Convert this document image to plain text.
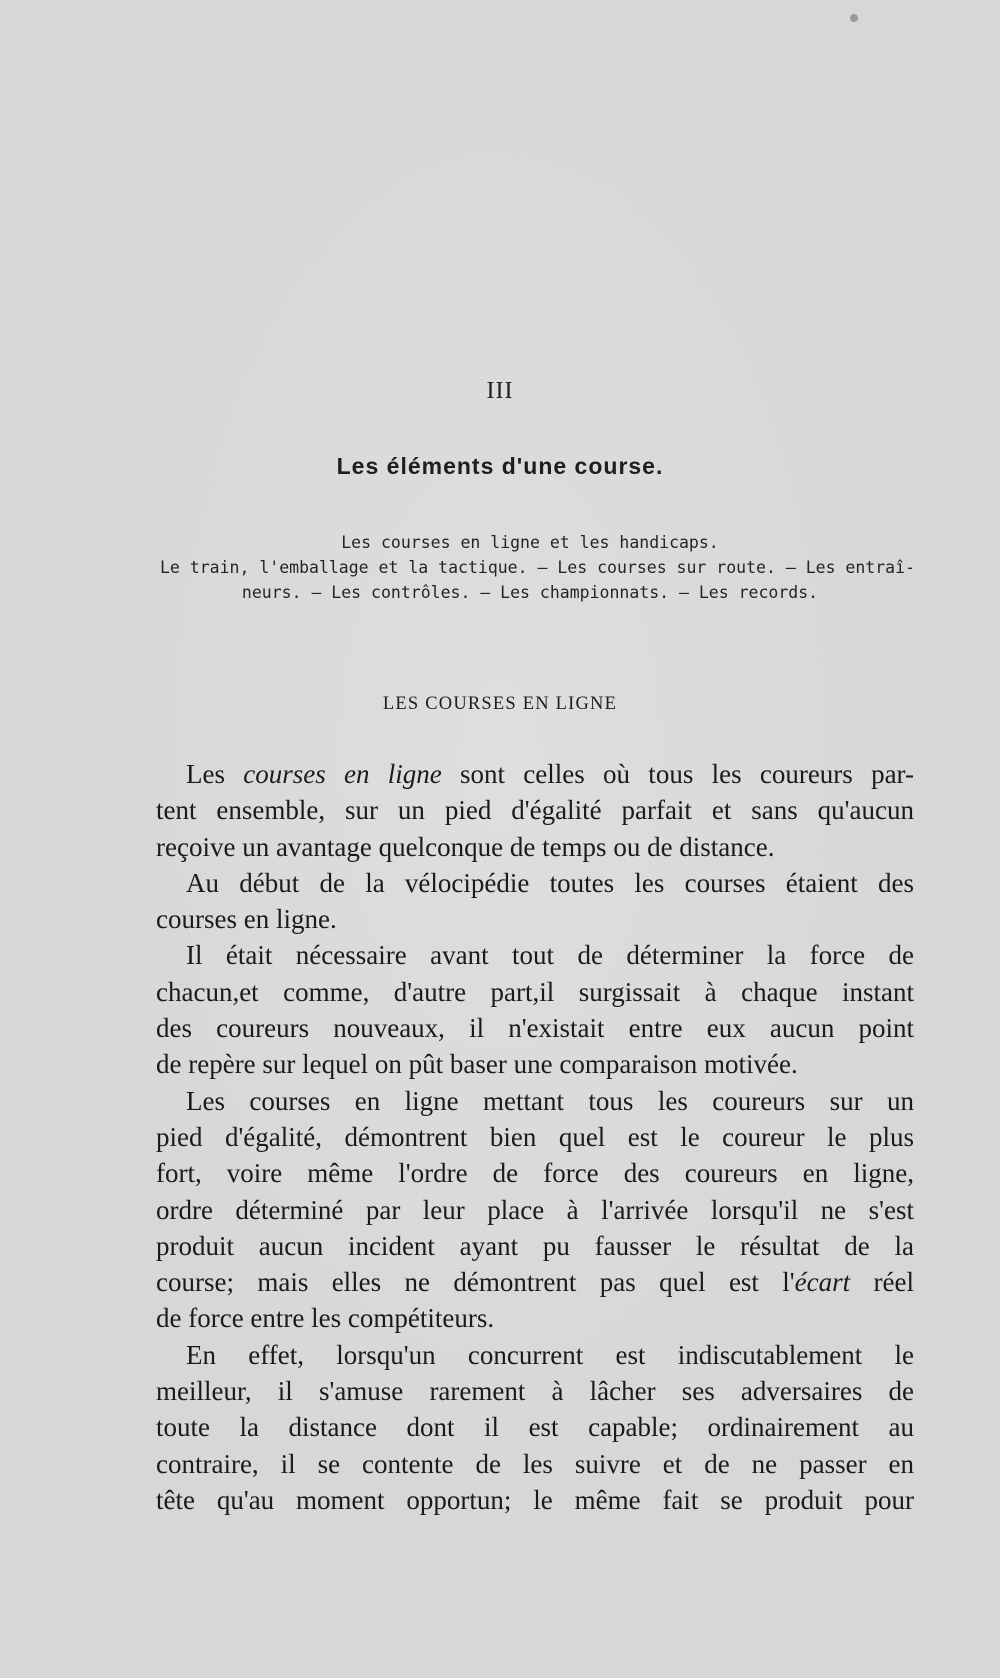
III
Les éléments d'une course.
Les courses en ligne et les handicaps.
Le train, l'emballage et la tactique. — Les courses sur route. — Les entraî-
neurs. — Les contrôles. — Les championnats. — Les records.
LES COURSES EN LIGNE
Les courses en ligne sont celles où tous les coureurs par-
tent ensemble, sur un pied d'égalité parfait et sans qu'aucun
reçoive un avantage quelconque de temps ou de distance.
Au début de la vélocipédie toutes les courses étaient des
courses en ligne.
Il était nécessaire avant tout de déterminer la force de
chacun,et comme, d'autre part,il surgissait à chaque instant
des coureurs nouveaux, il n'existait entre eux aucun point
de repère sur lequel on pût baser une comparaison motivée.
Les courses en ligne mettant tous les coureurs sur un
pied d'égalité, démontrent bien quel est le coureur le plus
fort, voire même l'ordre de force des coureurs en ligne,
ordre déterminé par leur place à l'arrivée lorsqu'il ne s'est
produit aucun incident ayant pu fausser le résultat de la
course; mais elles ne démontrent pas quel est l'écart réel
de force entre les compétiteurs.
En effet, lorsqu'un concurrent est indiscutablement le
meilleur, il s'amuse rarement à lâcher ses adversaires de
toute la distance dont il est capable; ordinairement au
contraire, il se contente de les suivre et de ne passer en
tête qu'au moment opportun; le même fait se produit pour
